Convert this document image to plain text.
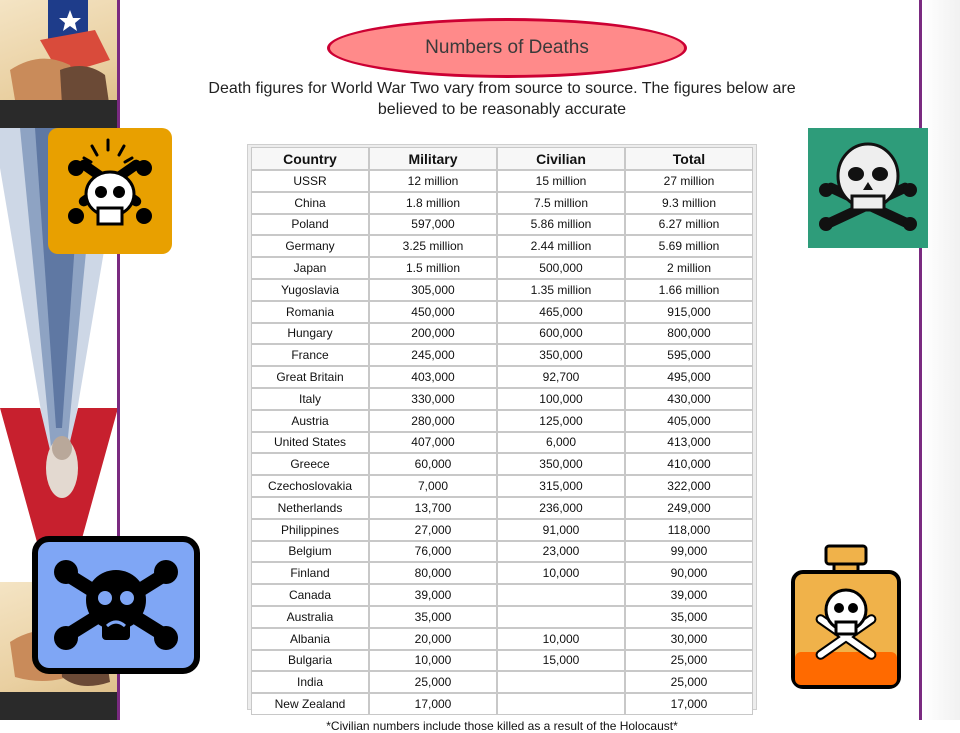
Numbers of Deaths
Death figures for World War Two vary from source to source. The figures below are believed to be reasonably accurate
Country	Military	Civilian	Total
USSR	12 million	15 million	27 million
China	1.8 million	7.5 million	9.3 million
Poland	597,000	5.86 million	6.27 million
Germany	3.25 million	2.44 million	5.69 million
Japan	1.5 million	500,000	2 million
Yugoslavia	305,000	1.35 million	1.66 million
Romania	450,000	465,000	915,000
Hungary	200,000	600,000	800,000
France	245,000	350,000	595,000
Great Britain	403,000	92,700	495,000
Italy	330,000	100,000	430,000
Austria	280,000	125,000	405,000
United States	407,000	6,000	413,000
Greece	60,000	350,000	410,000
Czechoslovakia	7,000	315,000	322,000
Netherlands	13,700	236,000	249,000
Philippines	27,000	91,000	118,000
Belgium	76,000	23,000	99,000
Finland	80,000	10,000	90,000
Canada	39,000		39,000
Australia	35,000		35,000
Albania	20,000	10,000	30,000
Bulgaria	10,000	15,000	25,000
India	25,000		25,000
New Zealand	17,000		17,000
*Civilian numbers include those killed as a result of the Holocaust*
